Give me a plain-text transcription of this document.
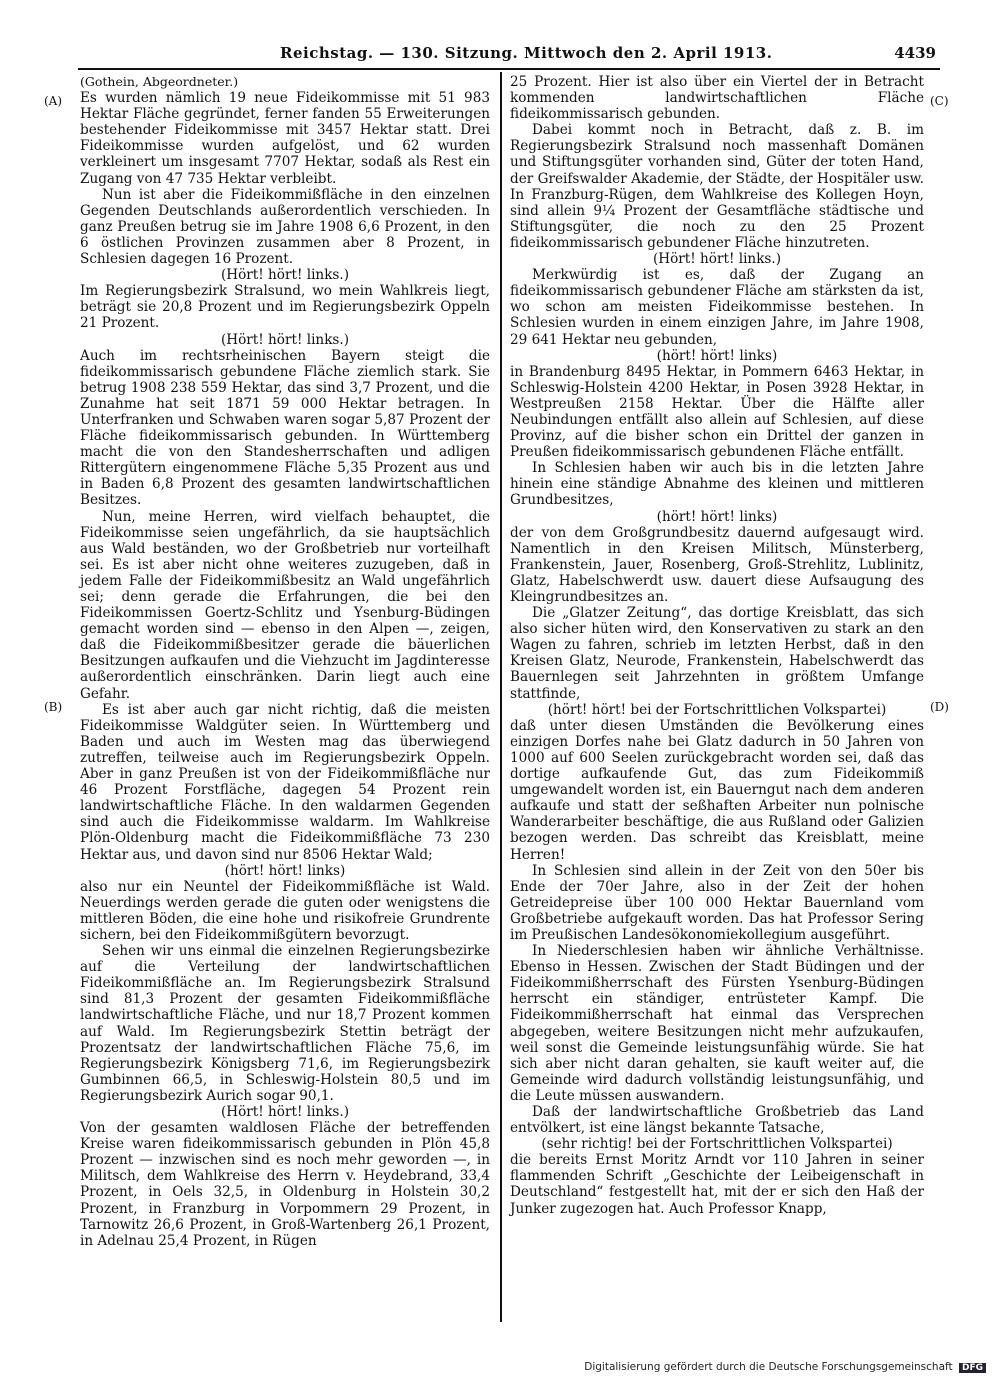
Reichstag. — 130. Sitzung. Mittwoch den 2. April 1913.	4439
(A)
(B)
(C)
(D)

(Gothein, Abgeordneter.)

Es wurden nämlich 19 neue Fideikommisse mit 51 983 Hektar Fläche gegründet, ferner fanden 55 Erweiterungen bestehender Fideikommisse mit 3457 Hektar statt. Drei Fideikommisse wurden aufgelöst, und 62 wurden verkleinert um insgesamt 7707 Hektar, sodaß als Rest ein Zugang von 47 735 Hektar verbleibt.

Nun ist aber die Fideikommißfläche in den einzelnen Gegenden Deutschlands außerordentlich verschieden. In ganz Preußen betrug sie im Jahre 1908 6,6 Prozent, in den 6 östlichen Provinzen zusammen aber 8 Prozent, in Schlesien dagegen 16 Prozent.

(Hört! hört! links.)

Im Regierungsbezirk Stralsund, wo mein Wahlkreis liegt, beträgt sie 20,8 Prozent und im Regierungsbezirk Oppeln 21 Prozent.

(Hört! hört! links.)

Auch im rechtsrheinischen Bayern steigt die fideikommissarisch gebundene Fläche ziemlich stark. Sie betrug 1908 238 559 Hektar, das sind 3,7 Prozent, und die Zunahme hat seit 1871 59 000 Hektar betragen. In Unterfranken und Schwaben waren sogar 5,87 Prozent der Fläche fideikommissarisch gebunden. In Württemberg macht die von den Standesherrschaften und adligen Rittergütern eingenommene Fläche 5,35 Prozent aus und in Baden 6,8 Prozent des gesamten landwirtschaftlichen Besitzes.

Nun, meine Herren, wird vielfach behauptet, die Fideikommisse seien ungefährlich, da sie hauptsächlich aus Wald beständen, wo der Großbetrieb nur vorteilhaft sei. Es ist aber nicht ohne weiteres zuzugeben, daß in jedem Falle der Fideikommißbesitz an Wald ungefährlich sei; denn gerade die Erfahrungen, die bei den Fideikommissen Goertz-Schlitz und Ysenburg-Büdingen gemacht worden sind — ebenso in den Alpen —, zeigen, daß die Fideikommißbesitzer gerade die bäuerlichen Besitzungen aufkaufen und die Viehzucht im Jagdinteresse außerordentlich einschränken. Darin liegt auch eine Gefahr.

Es ist aber auch gar nicht richtig, daß die meisten Fideikommisse Waldgüter seien. In Württemberg und Baden und auch im Westen mag das überwiegend zutreffen, teilweise auch im Regierungsbezirk Oppeln. Aber in ganz Preußen ist von der Fideikommißfläche nur 46 Prozent Forstfläche, dagegen 54 Prozent rein landwirtschaftliche Fläche. In den waldarmen Gegenden sind auch die Fideikommisse waldarm. Im Wahlkreise Plön-Oldenburg macht die Fideikommißfläche 73 230 Hektar aus, und davon sind nur 8506 Hektar Wald;

(hört! hört! links)

also nur ein Neuntel der Fideikommißfläche ist Wald. Neuerdings werden gerade die guten oder wenigstens die mittleren Böden, die eine hohe und risikofreie Grundrente sichern, bei den Fideikommißgütern bevorzugt.

Sehen wir uns einmal die einzelnen Regierungsbezirke auf die Verteilung der landwirtschaftlichen Fideikommißfläche an. Im Regierungsbezirk Stralsund sind 81,3 Prozent der gesamten Fideikommißfläche landwirtschaftliche Fläche, und nur 18,7 Prozent kommen auf Wald. Im Regierungsbezirk Stettin beträgt der Prozentsatz der landwirtschaftlichen Fläche 75,6, im Regierungsbezirk Königsberg 71,6, im Regierungsbezirk Gumbinnen 66,5, in Schleswig-Holstein 80,5 und im Regierungsbezirk Aurich sogar 90,1.

(Hört! hört! links.)

Von der gesamten waldlosen Fläche der betreffenden Kreise waren fideikommissarisch gebunden in Plön 45,8 Prozent — inzwischen sind es noch mehr geworden —, in Militsch, dem Wahlkreise des Herrn v. Heydebrand, 33,4 Prozent, in Oels 32,5, in Oldenburg in Holstein 30,2 Prozent, in Franzburg in Vorpommern 29 Prozent, in Tarnowitz 26,6 Prozent, in Groß-Wartenberg 26,1 Prozent, in Adelnau 25,4 Prozent, in Rügen

25 Prozent. Hier ist also über ein Viertel der in Betracht kommenden landwirtschaftlichen Fläche fideikommissarisch gebunden.

Dabei kommt noch in Betracht, daß z. B. im Regierungsbezirk Stralsund noch massenhaft Domänen und Stiftungsgüter vorhanden sind, Güter der toten Hand, der Greifswalder Akademie, der Städte, der Hospitäler usw. In Franzburg-Rügen, dem Wahlkreise des Kollegen Hoyn, sind allein 9¼ Prozent der Gesamtfläche städtische und Stiftungsgüter, die noch zu den 25 Prozent fideikommissarisch gebundener Fläche hinzutreten.

(Hört! hört! links.)

Merkwürdig ist es, daß der Zugang an fideikommissarisch gebundener Fläche am stärksten da ist, wo schon am meisten Fideikommisse bestehen. In Schlesien wurden in einem einzigen Jahre, im Jahre 1908, 29 641 Hektar neu gebunden,

(hört! hört! links)

in Brandenburg 8495 Hektar, in Pommern 6463 Hektar, in Schleswig-Holstein 4200 Hektar, in Posen 3928 Hektar, in Westpreußen 2158 Hektar. Über die Hälfte aller Neubindungen entfällt also allein auf Schlesien, auf diese Provinz, auf die bisher schon ein Drittel der ganzen in Preußen fideikommissarisch gebundenen Fläche entfällt.

In Schlesien haben wir auch bis in die letzten Jahre hinein eine ständige Abnahme des kleinen und mittleren Grundbesitzes,

(hört! hört! links)

der von dem Großgrundbesitz dauernd aufgesaugt wird. Namentlich in den Kreisen Militsch, Münsterberg, Frankenstein, Jauer, Rosenberg, Groß-Strehlitz, Lublinitz, Glatz, Habelschwerdt usw. dauert diese Aufsaugung des Kleingrundbesitzes an.

Die „Glatzer Zeitung“, das dortige Kreisblatt, das sich also sicher hüten wird, den Konservativen zu stark an den Wagen zu fahren, schrieb im letzten Herbst, daß in den Kreisen Glatz, Neurode, Frankenstein, Habelschwerdt das Bauernlegen seit Jahrzehnten in größtem Umfange stattfinde,

(hört! hört! bei der Fortschrittlichen Volkspartei)

daß unter diesen Umständen die Bevölkerung eines einzigen Dorfes nahe bei Glatz dadurch in 50 Jahren von 1000 auf 600 Seelen zurückgebracht worden sei, daß das dortige aufkaufende Gut, das zum Fideikommiß umgewandelt worden ist, ein Bauerngut nach dem anderen aufkaufe und statt der seßhaften Arbeiter nun polnische Wanderarbeiter beschäftige, die aus Rußland oder Galizien bezogen werden. Das schreibt das Kreisblatt, meine Herren!

In Schlesien sind allein in der Zeit von den 50er bis Ende der 70er Jahre, also in der Zeit der hohen Getreidepreise über 100 000 Hektar Bauernland vom Großbetriebe aufgekauft worden. Das hat Professor Sering im Preußischen Landesökonomiekollegium ausgeführt.

In Niederschlesien haben wir ähnliche Verhältnisse. Ebenso in Hessen. Zwischen der Stadt Büdingen und der Fideikommißherrschaft des Fürsten Ysenburg-Büdingen herrscht ein ständiger, entrüsteter Kampf. Die Fideikommißherrschaft hat einmal das Versprechen abgegeben, weitere Besitzungen nicht mehr aufzukaufen, weil sonst die Gemeinde leistungsunfähig würde. Sie hat sich aber nicht daran gehalten, sie kauft weiter auf, die Gemeinde wird dadurch vollständig leistungsunfähig, und die Leute müssen auswandern.

Daß der landwirtschaftliche Großbetrieb das Land entvölkert, ist eine längst bekannte Tatsache,

(sehr richtig! bei der Fortschrittlichen Volkspartei)

die bereits Ernst Moritz Arndt vor 110 Jahren in seiner flammenden Schrift „Geschichte der Leibeigenschaft in Deutschland“ festgestellt hat, mit der er sich den Haß der Junker zugezogen hat. Auch Professor Knapp,

Digitalisierung gefördert durch die Deutsche Forschungsgemeinschaft DFG
